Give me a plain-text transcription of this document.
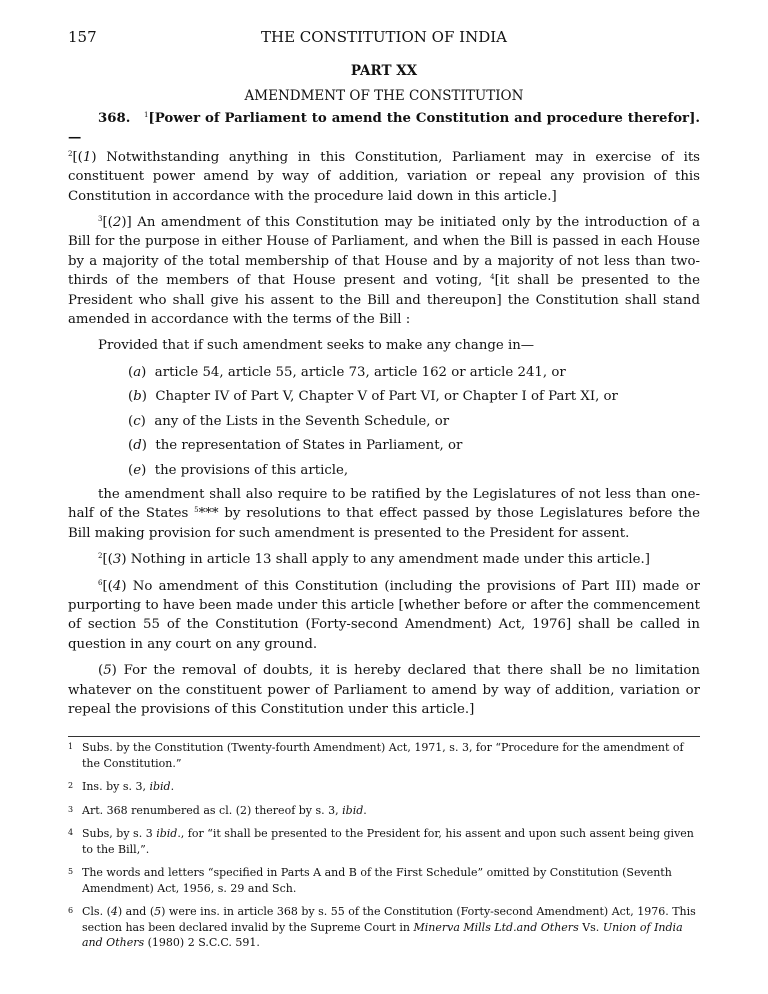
157	THE CONSTITUTION OF INDIA
PART XX
AMENDMENT OF THE CONSTITUTION

368. $^1$[Power of Parliament to amend the Constitution and procedure therefor].—
$^2$[(1) Notwithstanding anything in this Constitution, Parliament may in exercise of its constituent power amend by way of addition, variation or repeal any provision of this Constitution in accordance with the procedure laid down in this article.]

$^3$[(2)] An amendment of this Constitution may be initiated only by the introduction of a Bill for the purpose in either House of Parliament, and when the Bill is passed in each House by a majority of the total membership of that House and by a majority of not less than two-thirds of the members of that House present and voting, $^4$[it shall be presented to the President who shall give his assent to the Bill and thereupon] the Constitution shall stand amended in accordance with the terms of the Bill :

Provided that if such amendment seeks to make any change in—

(a)  article 54, article 55, article 73, article 162 or article 241, or

(b)  Chapter IV of Part V, Chapter V of Part VI, or Chapter I of Part XI, or

(c)  any of the Lists in the Seventh Schedule, or

(d)  the representation of States in Parliament, or

(e)  the provisions of this article,

the amendment shall also require to be ratified by the Legislatures of not less than one-half of the States $^5$*** by resolutions to that effect passed by those Legislatures before the Bill making provision for such amendment is presented to the President for assent.

$^2$[(3) Nothing in article 13 shall apply to any amendment made under this article.]

$^6$[(4) No amendment of this Constitution (including the provisions of Part III) made or purporting to have been made under this article [whether before or after the commencement of section 55 of the Constitution (Forty-second Amendment) Act, 1976] shall be called in question in any court on any ground.

(5) For the removal of doubts, it is hereby declared that there shall be no limitation whatever on the constituent power of Parliament to amend by way of addition, variation or repeal the provisions of this Constitution under this article.]

1 Subs. by the Constitution (Twenty-fourth Amendment) Act, 1971, s. 3, for “Procedure for the amendment of the Constitution.”
2 Ins. by s. 3, ibid.
3 Art. 368 renumbered as cl. (2) thereof by s. 3, ibid.
4 Subs, by s. 3 ibid., for “it shall be presented to the President for, his assent and upon such assent being given to the Bill,”.
5 The words and letters “specified in Parts A and B of the First Schedule” omitted by Constitution (Seventh Amendment) Act, 1956, s. 29 and Sch.
6 Cls. (4) and (5) were ins. in article 368 by s. 55 of the Constitution (Forty-second Amendment) Act, 1976. This section has been declared invalid by the Supreme Court in Minerva Mills Ltd.and Others Vs. Union of India and Others (1980) 2 S.C.C. 591.
